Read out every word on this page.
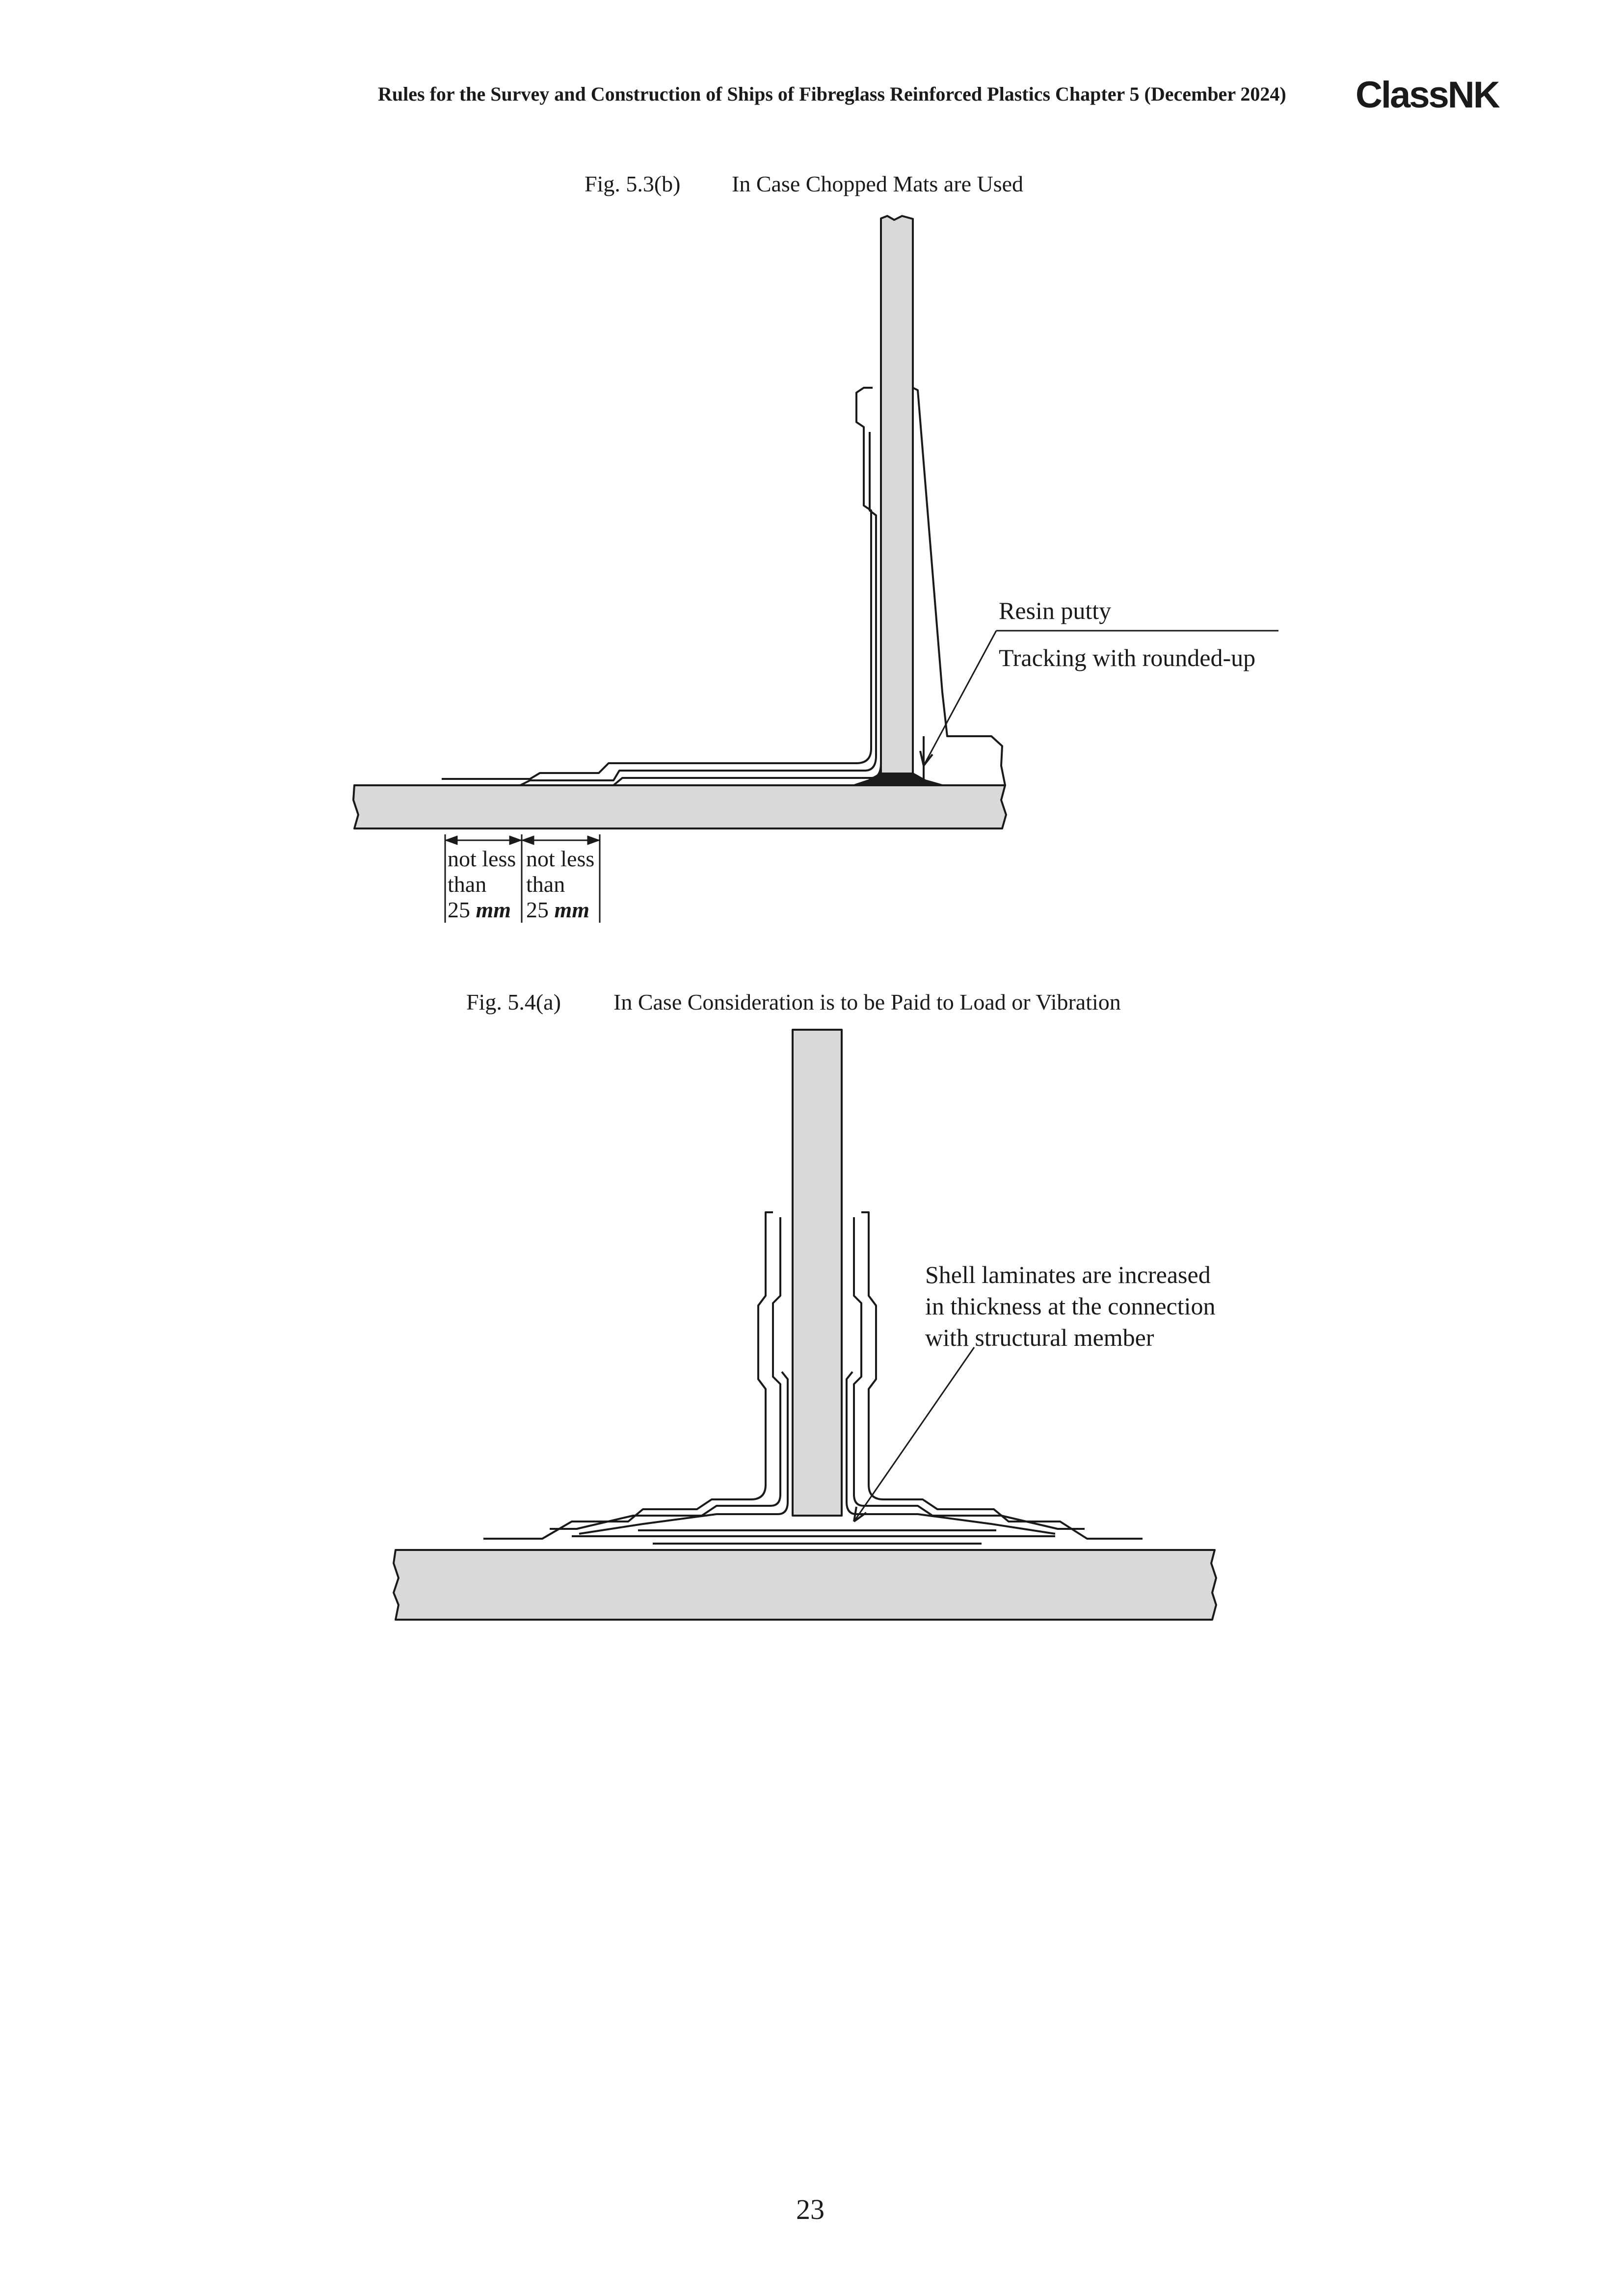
Rules for the Survey and Construction of Ships of Fibreglass Reinforced Plastics Chapter 5 (December 2024) ClassNK
Fig. 5.3(b) In Case Chopped Mats are Used
Fig. 5.4(a) In Case Consideration is to be Paid to Load or Vibration
Resin putty
Tracking with rounded-up
not less
than
25 mm
not less
than
25 mm
Shell laminates are increased
in thickness at the connection
with structural member
23
